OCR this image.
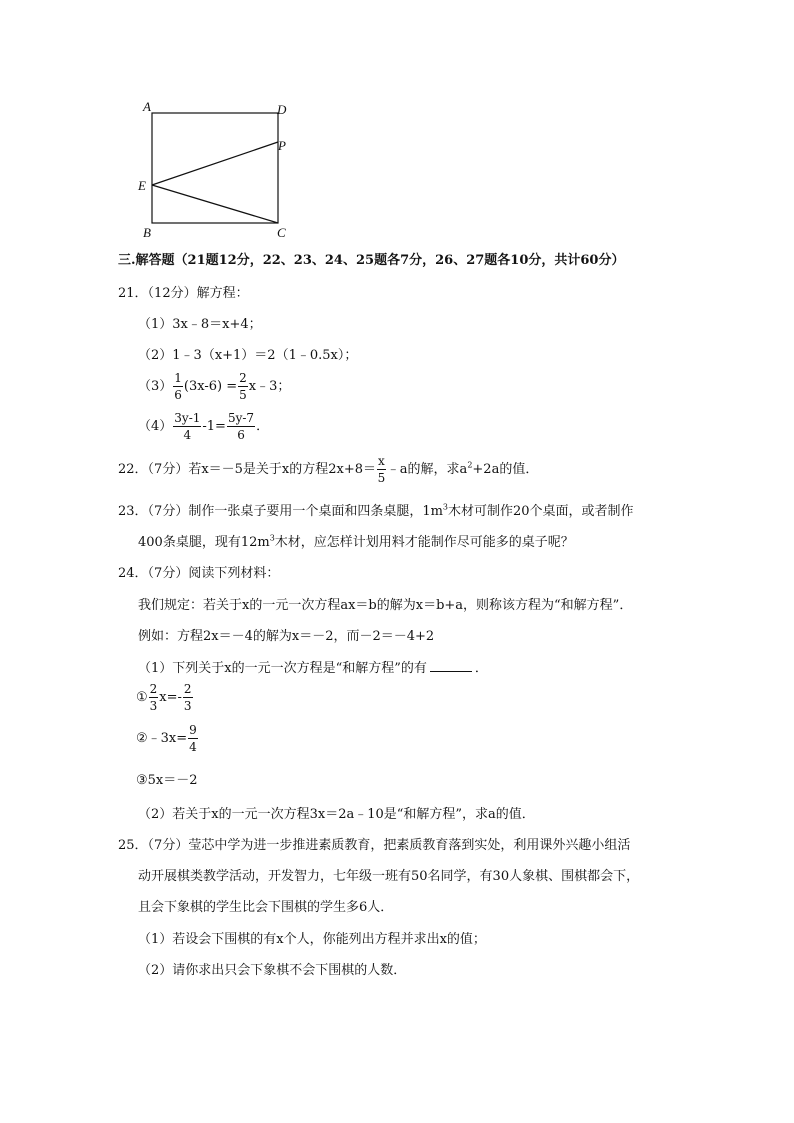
A	D
P
E
B	C
三.解答题（21题12分，22、23、24、25题各7分，26、27题各10分，共计60分）
21．（12分）解方程：
（1）3x﹣8＝x+4；
（2）1﹣3（x+1）＝2（1﹣0.5x）；
$(3) \frac{1}{6} (3x-6) = \frac{2}{5}$ x﹣3；
$(4) \frac{3y-1}{4} -1= \frac{5y-7}{6}$ ．
22．（7分）若x＝－5是关于x的方程$2x+8= \frac{x}{5}$ ﹣a的解，求$a^2+2a$的值．
23．（7分）制作一张桌子要用一个桌面和四条桌腿，$1m^3$木材可制作20个桌面，或者制作
400条桌腿，现有$12m^3$木材，应怎样计划用料才能制作尽可能多的桌子呢？
24．（7分）阅读下列材料：
我们规定：若关于x的一元一次方程ax＝b的解为x＝b+a，则称该方程为“和解方程”．
例如：方程2x＝－4的解为x＝－2，而－2＝－4+2
（1）下列关于x的一元一次方程是“和解方程”的有	．
① $\frac{2}{3} x=- \frac{2}{3}$
②﹣3x= $\frac{9}{4}$
③5x＝－2
（2）若关于x的一元一次方程3x＝2a﹣10是“和解方程”，求a的值．
25．（7分）莹芯中学为进一步推进素质教育，把素质教育落到实处，利用课外兴趣小组活
动开展棋类教学活动，开发智力，七年级一班有50名同学，有30人象棋、围棋都会下，
且会下象棋的学生比会下围棋的学生多6人．
（1）若设会下围棋的有x个人，你能列出方程并求出x的值；
（2）请你求出只会下象棋不会下围棋的人数．
